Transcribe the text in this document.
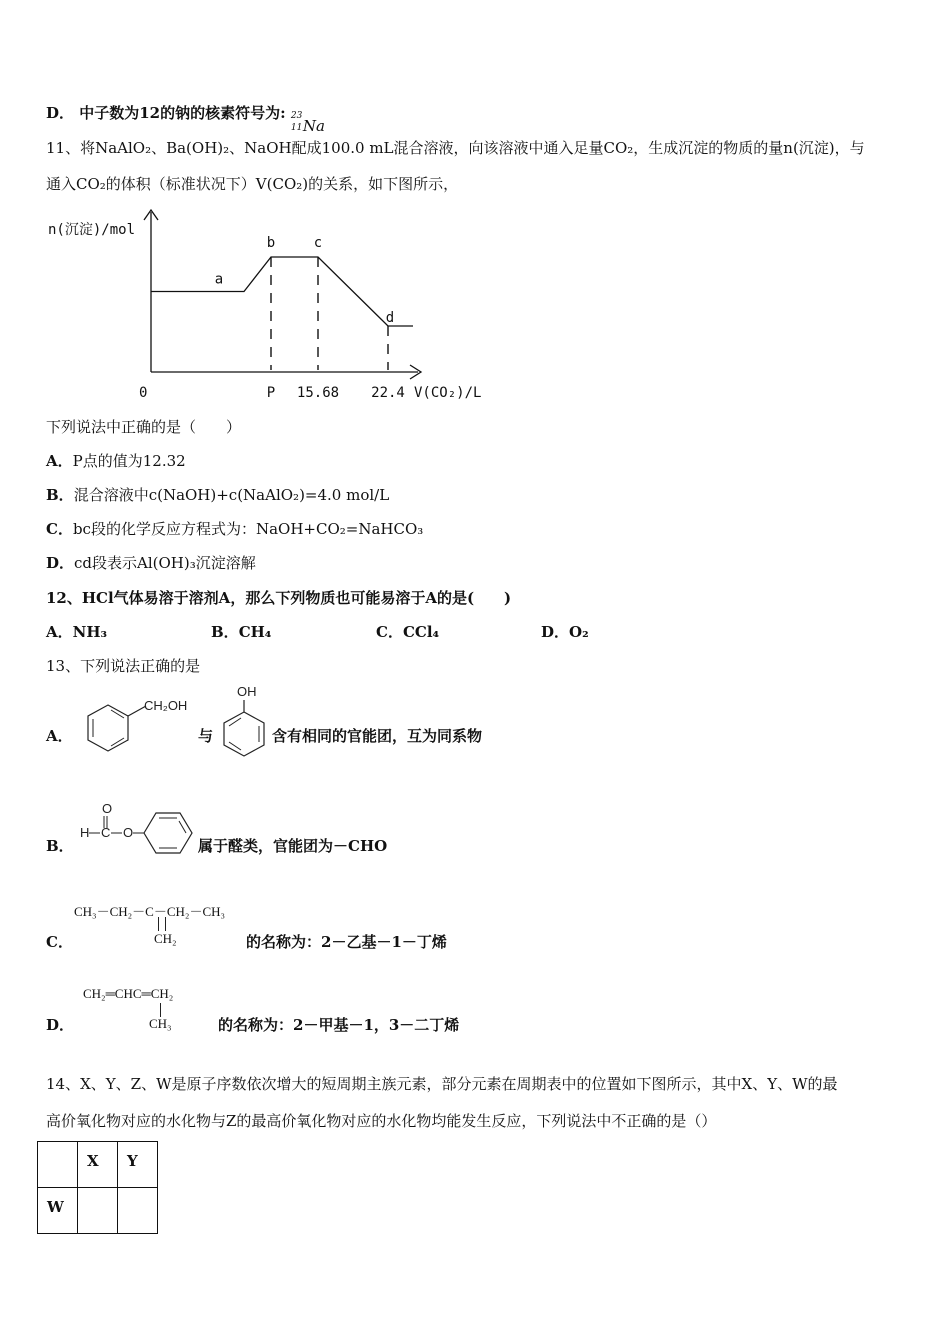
D． 中子数为12的钠的核素符号为: 23
11 Na
11、将NaAlO₂、Ba(OH)₂、NaOH配成100.0 mL混合溶液，向该溶液中通入足量CO₂，生成沉淀的物质的量n(沉淀)，与
通入CO₂的体积（标准状况下）V(CO₂)的关系，如下图所示，
n(沉淀)/mol
V(CO₂)/L
0	P 15.68 22.4
a
b	c
d
下列说法中正确的是（　　）
A．P点的值为12.32
B．混合溶液中c(NaOH)+c(NaAlO₂)=4.0 mol/L
C．bc段的化学反应方程式为：NaOH+CO₂=NaHCO₃
D．cd段表示Al(OH)₃沉淀溶解
12、HCl气体易溶于溶剂A，那么下列物质也可能易溶于A的是(　　)
A．NH₃	B．CH₄	C．CCl₄	D．O₂
13、下列说法正确的是
A．
CH₂OH
与
OH
含有相同的官能团，互为同系物
B．
O
H C O
属于醛类，官能团为－CHO
C．
CH₃－CH₂－C－CH₂－CH₃
CH₂	的名称为：2－乙基－1－丁烯
D．
CH₂═CHC═CH₂
CH₃	的名称为：2－甲基－1，3－二丁烯
14、X、Y、Z、W是原子序数依次增大的短周期主族元素，部分元素在周期表中的位置如下图所示，其中X、Y、W的最
高价氧化物对应的水化物与Z的最高价氧化物对应的水化物均能发生反应，下列说法中不正确的是（）
	X	Y
W		
